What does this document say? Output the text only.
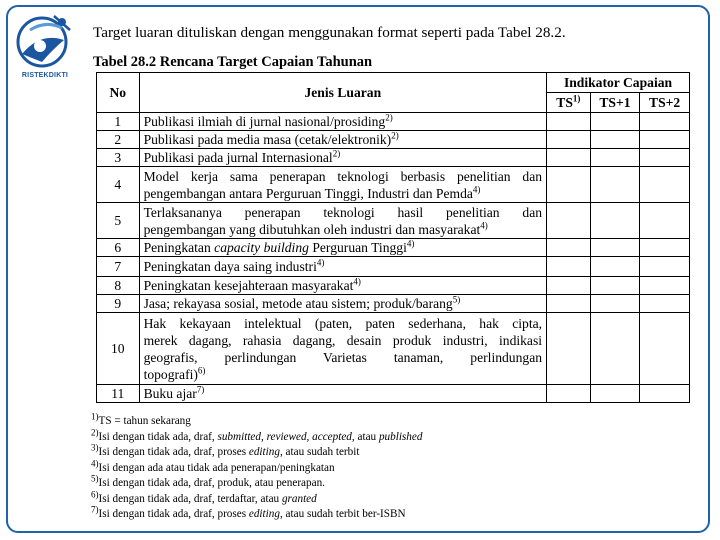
RISTEKDIKTI
Target luaran dituliskan dengan menggunakan format seperti pada Tabel 28.2.
Tabel 28.2 Rencana Target Capaian Tahunan
No	Jenis Luaran	Indikator Capaian		
		TS$^{1)}$	TS+1	TS+2
1	Publikasi ilmiah di jurnal nasional/prosiding$^{2)}$			
2	Publikasi pada media masa (cetak/elektronik)$^{2)}$			
3	Publikasi pada jurnal Internasional$^{2)}$			
4	Model kerja sama penerapan teknologi berbasis penelitian dan
pengembangan antara Perguruan Tinggi, Industri dan Pemda$^{4)}$

5	Terlaksananya penerapan teknologi hasil penelitian dan
pengembangan yang dibutuhkan oleh industri dan masyarakat$^{4)}$

6	Peningkatan capacity building Perguruan Tinggi$^{4)}$			
7	Peningkatan daya saing industri$^{4)}$			
8	Peningkatan kesejahteraan masyarakat$^{4)}$			
9	Jasa; rekayasa sosial, metode atau sistem; produk/barang$^{5)}$			
10	Hak kekayaan intelektual (paten, paten sederhana, hak cipta,
merek dagang, rahasia dagang, desain produk industri, indikasi
geografis, perlindungan Varietas tanaman, perlindungan
topografi)$^{6)}$

11	Buku ajar$^{7)}$			
$^{1)}$TS = tahun sekarang
$^{2)}$Isi dengan tidak ada, draf, submitted, reviewed, accepted, atau published
$^{3)}$Isi dengan tidak ada, draf, proses editing, atau sudah terbit
$^{4)}$Isi dengan ada atau tidak ada penerapan/peningkatan
$^{5)}$Isi dengan tidak ada, draf, produk, atau penerapan.
$^{6)}$Isi dengan tidak ada, draf, terdaftar, atau granted
$^{7)}$Isi dengan tidak ada, draf, proses editing, atau sudah terbit ber-ISBN
